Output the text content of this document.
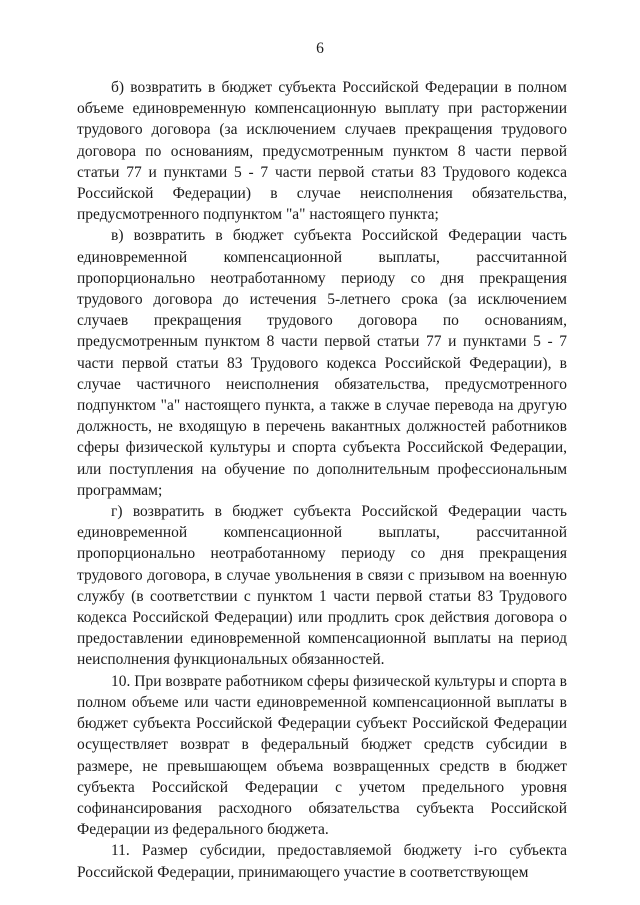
6

б) возвратить в бюджет субъекта Российской Федерации в полном объеме единовременную компенсационную выплату при расторжении трудового договора (за исключением случаев прекращения трудового договора по основаниям, предусмотренным пунктом 8 части первой статьи 77 и пунктами 5 - 7 части первой статьи 83 Трудового кодекса Российской Федерации) в случае неисполнения обязательства, предусмотренного подпунктом "а" настоящего пункта;

в) возвратить в бюджет субъекта Российской Федерации часть единовременной компенсационной выплаты, рассчитанной пропорционально неотработанному периоду со дня прекращения трудового договора до истечения 5-летнего срока (за исключением случаев прекращения трудового договора по основаниям, предусмотренным пунктом 8 части первой статьи 77 и пунктами 5 - 7 части первой статьи 83 Трудового кодекса Российской Федерации), в случае частичного неисполнения обязательства, предусмотренного подпунктом "а" настоящего пункта, а также в случае перевода на другую должность, не входящую в перечень вакантных должностей работников сферы физической культуры и спорта субъекта Российской Федерации, или поступления на обучение по дополнительным профессиональным программам;

г) возвратить в бюджет субъекта Российской Федерации часть единовременной компенсационной выплаты, рассчитанной пропорционально неотработанному периоду со дня прекращения трудового договора, в случае увольнения в связи с призывом на военную службу (в соответствии с пунктом 1 части первой статьи 83 Трудового кодекса Российской Федерации) или продлить срок действия договора о предоставлении единовременной компенсационной выплаты на период неисполнения функциональных обязанностей.

10. При возврате работником сферы физической культуры и спорта в полном объеме или части единовременной компенсационной выплаты в бюджет субъекта Российской Федерации субъект Российской Федерации осуществляет возврат в федеральный бюджет средств субсидии в размере, не превышающем объема возвращенных средств в бюджет субъекта Российской Федерации с учетом предельного уровня софинансирования расходного обязательства субъекта Российской Федерации из федерального бюджета.

11. Размер субсидии, предоставляемой бюджету i-го субъекта Российской Федерации, принимающего участие в соответствующем
